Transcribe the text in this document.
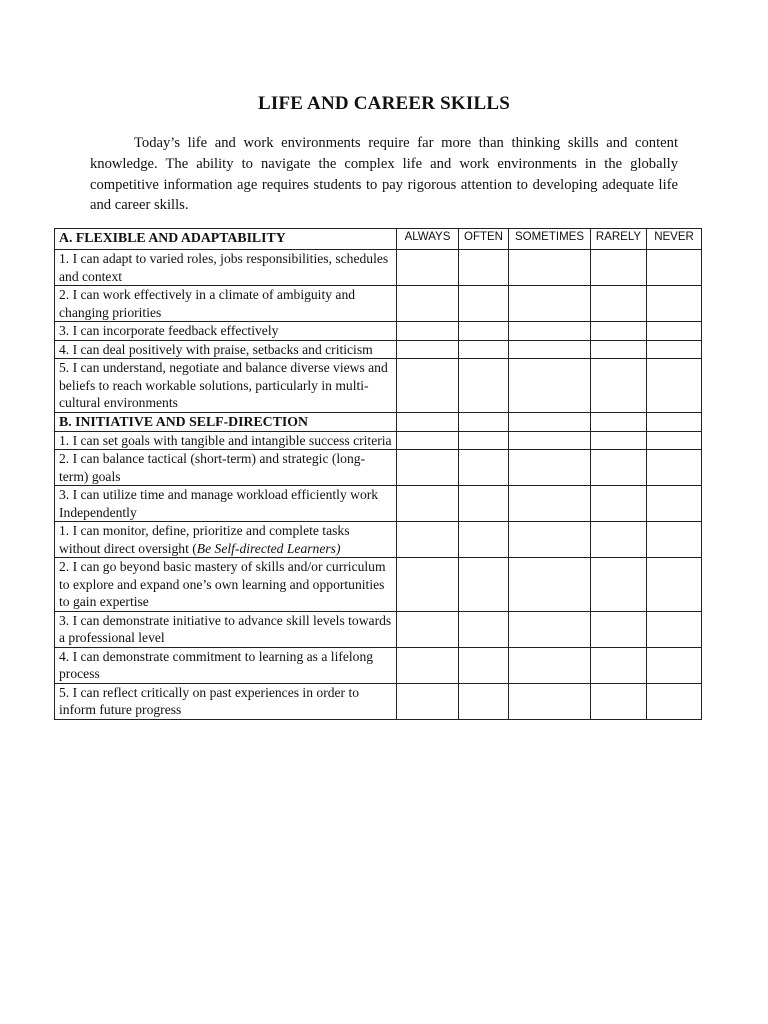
LIFE AND CAREER SKILLS

Today’s life and work environments require far more than thinking skills and content knowledge. The ability to navigate the complex life and work environments in the globally competitive information age requires students to pay rigorous attention to developing adequate life and career skills.

A. FLEXIBLE AND ADAPTABILITY	ALWAYS	OFTEN	SOMETIMES	RARELY	NEVER
1. I can adapt to varied roles, jobs responsibilities, schedules and context					
2. I can work effectively in a climate of ambiguity and changing priorities					
3. I can incorporate feedback effectively					
4. I can deal positively with praise, setbacks and criticism					
5. I can understand, negotiate and balance diverse views and beliefs to reach workable solutions, particularly in multi-cultural environments					
B. INITIATIVE AND SELF-DIRECTION					
1. I can set goals with tangible and intangible success criteria					
2. I can balance tactical (short-term) and strategic (long-term) goals					
3. I can utilize time and manage workload efficiently work Independently					
1. I can monitor, define, prioritize and complete tasks without direct oversight (Be Self-directed Learners)					
2. I can go beyond basic mastery of skills and/or curriculum to explore and expand one’s own learning and opportunities to gain expertise					
3. I can demonstrate initiative to advance skill levels towards a professional level					
4. I can demonstrate commitment to learning as a lifelong process					
5. I can reflect critically on past experiences in order to inform future progress					
